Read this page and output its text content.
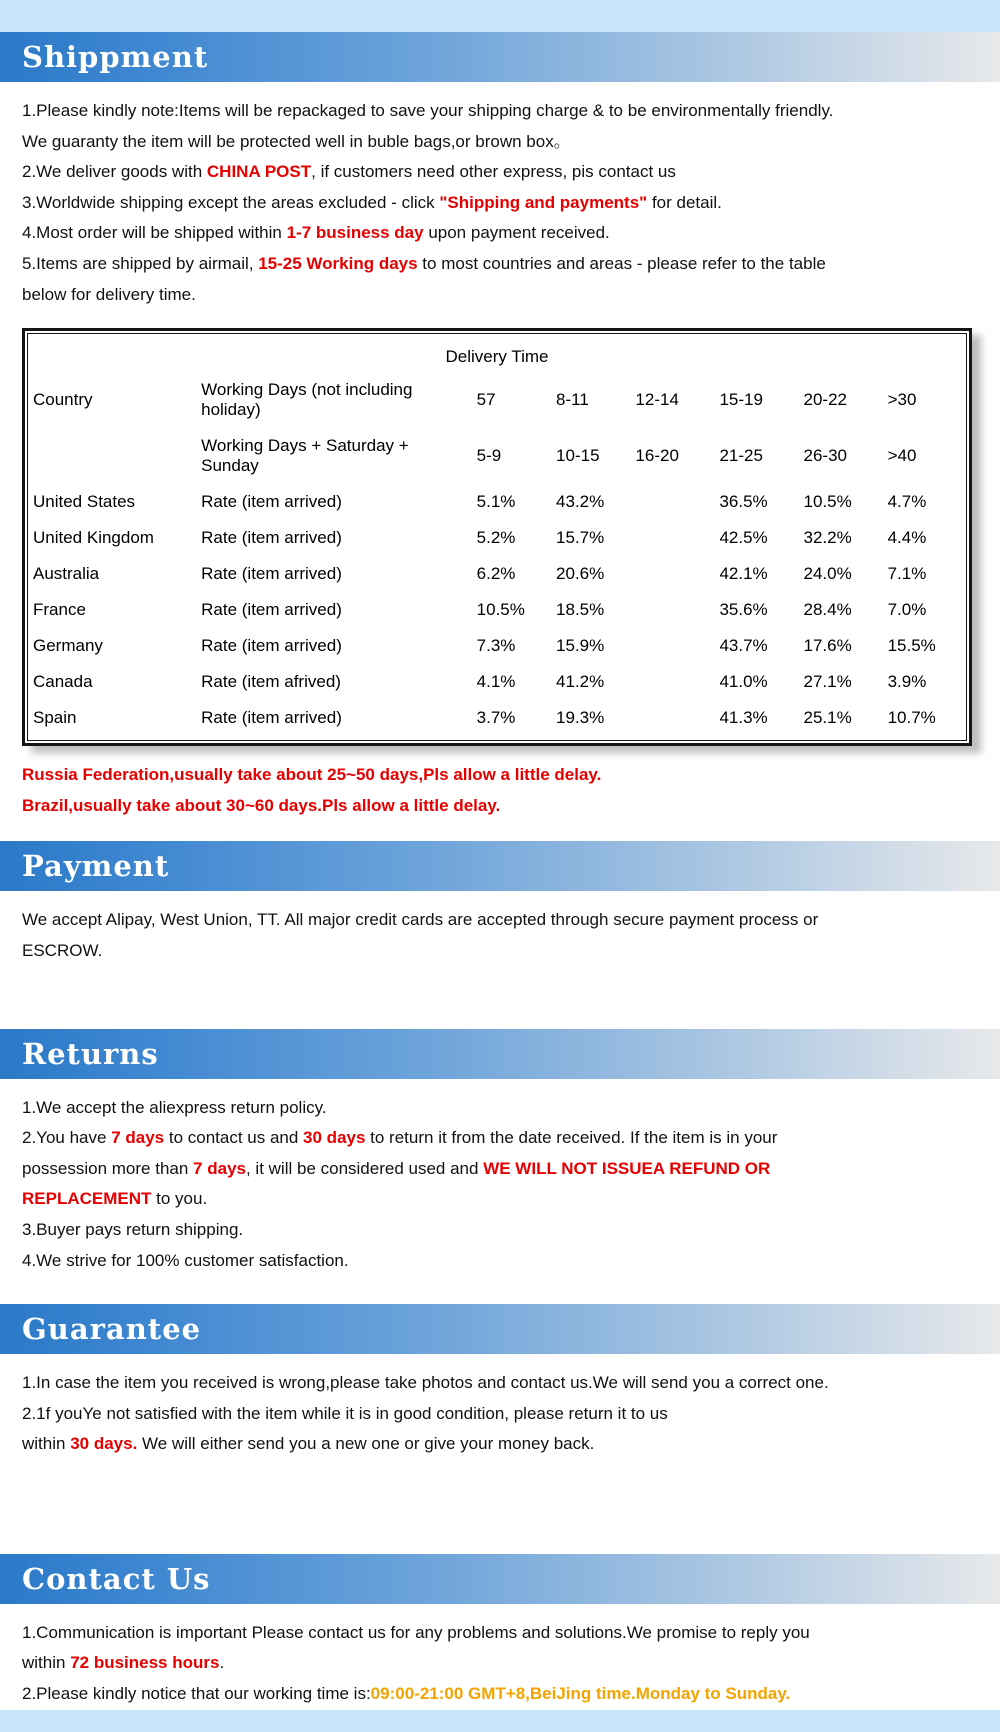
Shippment

1.Please kindly note:Items will be repackaged to save your shipping charge & to be environmentally friendly.

We guaranty the item will be protected well in buble bags,or brown box。

2.We deliver goods with CHINA POST, if customers need other express, pis contact us

3.Worldwide shipping except the areas excluded - click "Shipping and payments" for detail.

4.Most order will be shipped within 1-7 business day upon payment received.

5.Items are shipped by airmail, 15-25 Working days to most countries and areas - please refer to the table

below for delivery time.

Delivery Time							
Country	Working Days (not including holiday)	57	8-11	12-14	15-19	20-22	>30
	Working Days + Saturday + Sunday	5-9	10-15	16-20	21-25	26-30	>40
United States	Rate (item arrived)	5.1%	43.2%		36.5%	10.5%	4.7%
United Kingdom	Rate (item arrived)	5.2%	15.7%		42.5%	32.2%	4.4%
Australia	Rate (item arrived)	6.2%	20.6%		42.1%	24.0%	7.1%
France	Rate (item arrived)	10.5%	18.5%		35.6%	28.4%	7.0%
Germany	Rate (item arrived)	7.3%	15.9%		43.7%	17.6%	15.5%
Canada	Rate (item afrived)	4.1%	41.2%		41.0%	27.1%	3.9%
Spain	Rate (item arrived)	3.7%	19.3%		41.3%	25.1%	10.7%

Russia Federation,usually take about 25~50 days,Pls allow a little delay.

Brazil,usually take about 30~60 days.Pls allow a little delay.

Payment

We accept Alipay, West Union, TT. All major credit cards are accepted through secure payment process or

ESCROW.

Returns

1.We accept the aliexpress return policy.

2.You have 7 days to contact us and 30 days to return it from the date received. If the item is in your

possession more than 7 days, it will be considered used and WE WILL NOT ISSUEA REFUND OR

REPLACEMENT to you.

3.Buyer pays return shipping.

4.We strive for 100% customer satisfaction.

Guarantee

1.In case the item you received is wrong,please take photos and contact us.We will send you a correct one.

2.1f youYe not satisfied with the item while it is in good condition, please return it to us

within 30 days. We will either send you a new one or give your money back.

Contact Us

1.Communication is important Please contact us for any problems and solutions.We promise to reply you

within 72 business hours.

2.Please kindly notice that our working time is:09:00-21:00 GMT+8,BeiJing time.Monday to Sunday.
